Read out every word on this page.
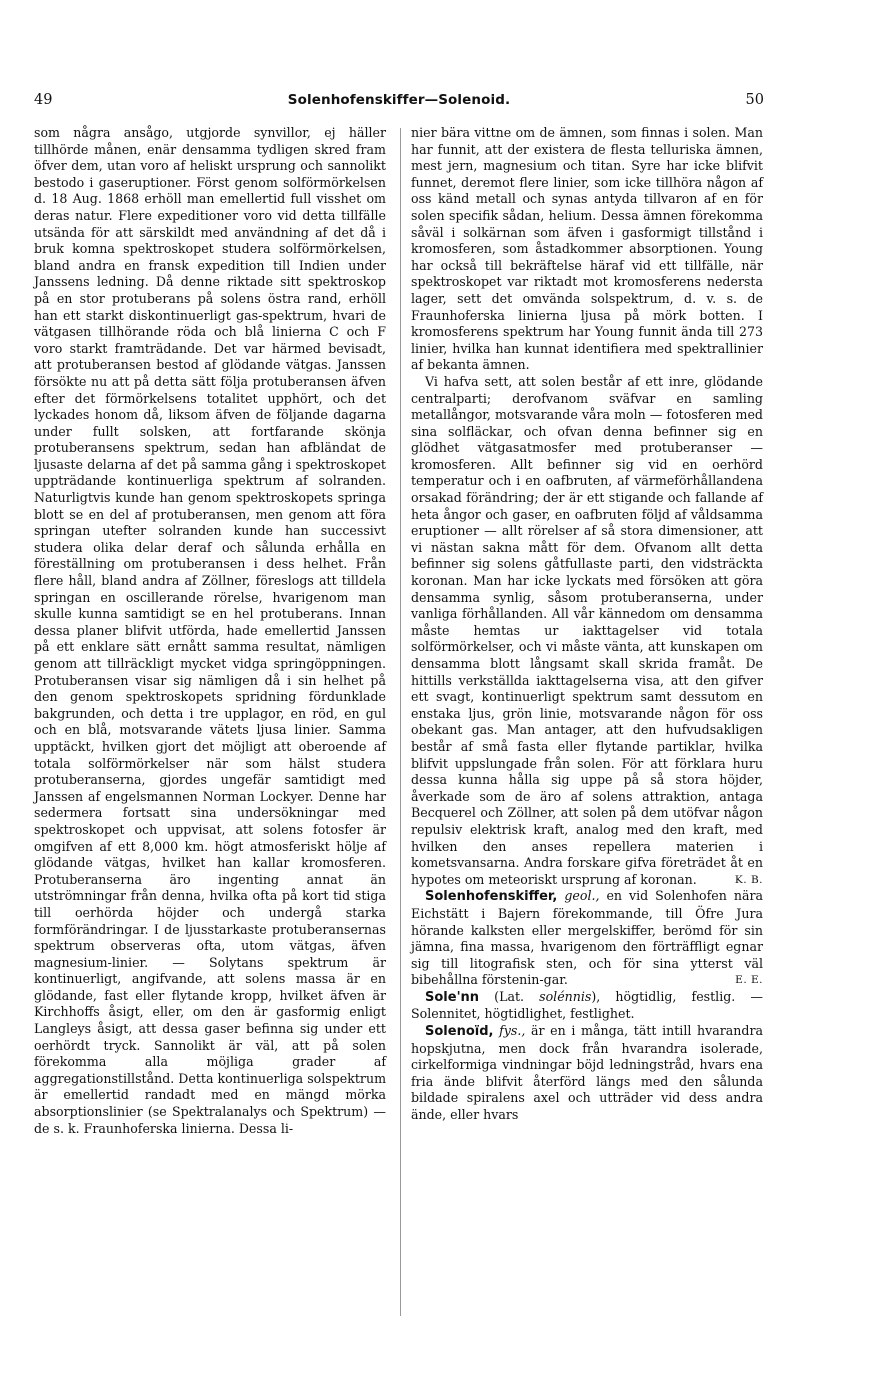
49	Solenhofenskiffer—Solenoid.	50

som några ansågo, utgjorde synvillor, ej häller tillhörde månen, enär densamma tydligen skred fram öfver dem, utan voro af heliskt ursprung och sannolikt bestodo i gaseruptioner. Först genom solförmörkelsen d. 18 Aug. 1868 erhöll man emellertid full visshet om deras natur. Flere expeditioner voro vid detta tillfälle utsända för att särskildt med användning af det då i bruk komna spektroskopet studera solförmörkelsen, bland andra en fransk expedition till Indien under Janssens ledning. Då denne riktade sitt spektroskop på en stor protuberans på solens östra rand, erhöll han ett starkt diskontinuerligt gas-spektrum, hvari de vätgasen tillhörande röda och blå linierna C och F voro starkt framträdande. Det var härmed bevisadt, att protuberansen bestod af glödande vätgas. Janssen försökte nu att på detta sätt följa protuberansen äfven efter det förmörkelsens totalitet upphört, och det lyckades honom då, liksom äfven de följande dagarna under fullt solsken, att fortfarande skönja protuberansens spektrum, sedan han afbländat de ljusaste delarna af det på samma gång i spektroskopet uppträdande kontinuerliga spektrum af solranden. Naturligtvis kunde han genom spektroskopets springa blott se en del af protuberansen, men genom att föra springan utefter solranden kunde han successivt studera olika delar deraf och sålunda erhålla en föreställning om protuberansen i dess helhet. Från flere håll, bland andra af Zöllner, föreslogs att tilldela springan en oscillerande rörelse, hvarigenom man skulle kunna samtidigt se en hel protuberans. Innan dessa planer blifvit utförda, hade emellertid Janssen på ett enklare sätt ernått samma resultat, nämligen genom att tillräckligt mycket vidga springöppningen. Protuberansen visar sig nämligen då i sin helhet på den genom spektroskopets spridning fördunklade bakgrunden, och detta i tre upplagor, en röd, en gul och en blå, motsvarande vätets ljusa linier. Samma upptäckt, hvilken gjort det möjligt att oberoende af totala solförmörkelser när som hälst studera protuberanserna, gjordes ungefär samtidigt med Janssen af engelsmannen Norman Lockyer. Denne har sedermera fortsatt sina undersökningar med spektroskopet och uppvisat, att solens fotosfer är omgifven af ett 8,000 km. högt atmosferiskt hölje af glödande vätgas, hvilket han kallar kromosferen. Protuberanserna äro ingenting annat än utströmningar från denna, hvilka ofta på kort tid stiga till oerhörda höjder och undergå starka formförändringar. I de ljusstarkaste protuberansernas spektrum observeras ofta, utom vätgas, äfven magnesium-linier. — Solytans spektrum är kontinuerligt, angifvande, att solens massa är en glödande, fast eller flytande kropp, hvilket äfven är Kirchhoffs åsigt, eller, om den är gasformig enligt Langleys åsigt, att dessa gaser befinna sig under ett oerhördt tryck. Sannolikt är väl, att på solen förekomma alla möjliga grader af aggregationstillstånd. Detta kontinuerliga solspektrum är emellertid randadt med en mängd mörka absorptionslinier (se Spektralanalys och Spektrum) — de s. k. Fraunhoferska linierna. Dessa li-

nier bära vittne om de ämnen, som finnas i solen. Man har funnit, att der existera de flesta telluriska ämnen, mest jern, magnesium och titan. Syre har icke blifvit funnet, deremot flere linier, som icke tillhöra någon af oss känd metall och synas antyda tillvaron af en för solen specifik sådan, helium. Dessa ämnen förekomma såväl i solkärnan som äfven i gasformigt tillstånd i kromosferen, som åstadkommer absorptionen. Young har också till bekräftelse häraf vid ett tillfälle, när spektroskopet var riktadt mot kromosferens nedersta lager, sett det omvända solspektrum, d. v. s. de Fraunhoferska linierna ljusa på mörk botten. I kromosferens spektrum har Young funnit ända till 273 linier, hvilka han kunnat identifiera med spektrallinier af bekanta ämnen.

Vi hafva sett, att solen består af ett inre, glödande centralparti; derofvanom sväfvar en samling metallångor, motsvarande våra moln — fotosferen med sina solfläckar, och ofvan denna befinner sig en glödhet vätgasatmosfer med protuberanser — kromosferen. Allt befinner sig vid en oerhörd temperatur och i en oafbruten, af värmeförhållandena orsakad förändring; der är ett stigande och fallande af heta ångor och gaser, en oafbruten följd af våldsamma eruptioner — allt rörelser af så stora dimensioner, att vi nästan sakna mått för dem. Ofvanom allt detta befinner sig solens gåtfullaste parti, den vidsträckta koronan. Man har icke lyckats med försöken att göra densamma synlig, såsom protuberanserna, under vanliga förhållanden. All vår kännedom om densamma måste hemtas ur iakttagelser vid totala solförmörkelser, och vi måste vänta, att kunskapen om densamma blott långsamt skall skrida framåt. De hittills verkställda iakttagelserna visa, att den gifver ett svagt, kontinuerligt spektrum samt dessutom en enstaka ljus, grön linie, motsvarande någon för oss obekant gas. Man antager, att den hufvudsakligen består af små fasta eller flytande partiklar, hvilka blifvit uppslungade från solen. För att förklara huru dessa kunna hålla sig uppe på så stora höjder, åverkade som de äro af solens attraktion, antaga Becquerel och Zöllner, att solen på dem utöfvar någon repulsiv elektrisk kraft, analog med den kraft, med hvilken den anses repellera materien i kometsvansarna. Andra forskare gifva företrädet åt en hypotes om meteoriskt ursprung af koronan.	K. B.

Solenhofenskiffer, geol., en vid Solenhofen nära Eichstätt i Bajern förekommande, till Öfre Jura hörande kalksten eller mergelskiffer, berömd för sin jämna, fina massa, hvarigenom den förträffligt egnar sig till litografisk sten, och för sina ytterst väl bibehållna förstenin-gar.	E. E.

Sole'nn (Lat. solе́nnis), högtidlig, festlig. — Solennitet, högtidlighet, festlighet.

Solenoïd, fys., är en i många, tätt intill hvarandra hopskjutna, men dock från hvarandra isolerade, cirkelformiga vindningar böjd ledningstråd, hvars ena fria ände blifvit återförd längs med den sålunda bildade spiralens axel och utträder vid dess andra ände, eller hvars
